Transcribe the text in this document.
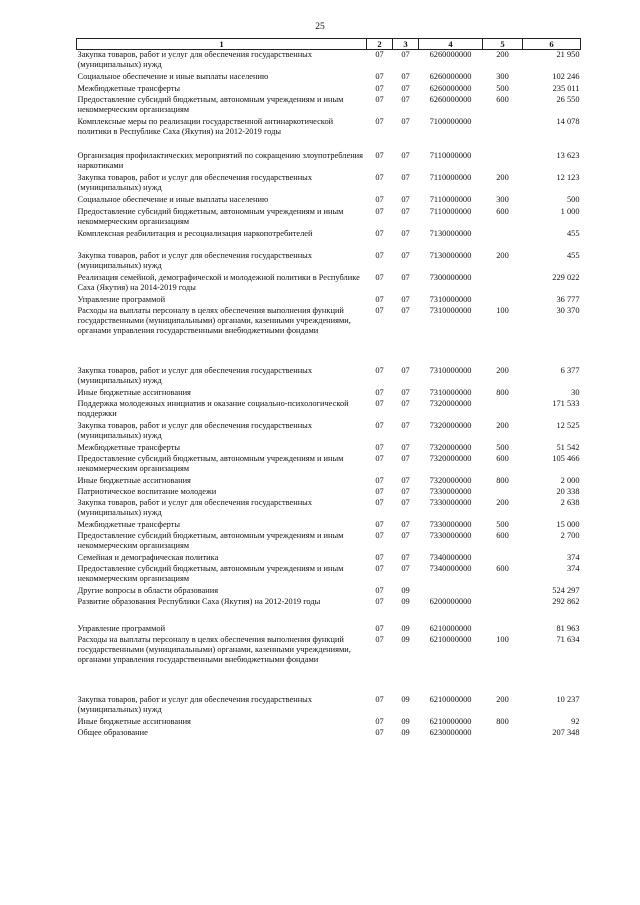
25
1	2	3	4	5	6
Закупка товаров, работ и услуг для обеспечения государственных (муниципальных) нужд	07	07	6260000000	200	21 950
Социальное обеспечение и иные выплаты населению	07	07	6260000000	300	102 246
Межбюджетные трансферты	07	07	6260000000	500	235 011
Предоставление субсидий бюджетным, автономным учреждениям и иным некоммерческим организациям	07	07	6260000000	600	26 550
Комплексные меры по реализации государственной антинаркотической политики в Республике Саха (Якутия) на 2012-2019 годы	07	07	7100000000		14 078
Организация профилактических мероприятий по сокращению злоупотребления наркотиками	07	07	7110000000		13 623
Закупка товаров, работ и услуг для обеспечения государственных (муниципальных) нужд	07	07	7110000000	200	12 123
Социальное обеспечение и иные выплаты населению	07	07	7110000000	300	500
Предоставление субсидий бюджетным, автономным учреждениям и иным некоммерческим организациям	07	07	7110000000	600	1 000
Комплексная реабилитация и ресоциализация наркопотребителей	07	07	7130000000		455
Закупка товаров, работ и услуг для обеспечения государственных (муниципальных) нужд	07	07	7130000000	200	455
Реализация семейной, демографической и молодежной политики в Республике Саха (Якутия) на 2014-2019 годы	07	07	7300000000		229 022
Управление программой	07	07	7310000000		36 777
Расходы на выплаты персоналу в целях обеспечения выполнения функций государственными (муниципальными) органами, казенными учреждениями, органами управления государственными внебюджетными фондами	07	07	7310000000	100	30 370
Закупка товаров, работ и услуг для обеспечения государственных (муниципальных) нужд	07	07	7310000000	200	6 377
Иные бюджетные ассигнования	07	07	7310000000	800	30
Поддержка молодежных инициатив и оказание социально-психологической поддержки	07	07	7320000000		171 533
Закупка товаров, работ и услуг для обеспечения государственных (муниципальных) нужд	07	07	7320000000	200	12 525
Межбюджетные трансферты	07	07	7320000000	500	51 542
Предоставление субсидий бюджетным, автономным учреждениям и иным некоммерческим организациям	07	07	7320000000	600	105 466
Иные бюджетные ассигнования	07	07	7320000000	800	2 000
Патриотическое воспитание молодежи	07	07	7330000000		20 338
Закупка товаров, работ и услуг для обеспечения государственных (муниципальных) нужд	07	07	7330000000	200	2 638
Межбюджетные трансферты	07	07	7330000000	500	15 000
Предоставление субсидий бюджетным, автономным учреждениям и иным некоммерческим организациям	07	07	7330000000	600	2 700
Семейная и демографическая политика	07	07	7340000000		374
Предоставление субсидий бюджетным, автономным учреждениям и иным некоммерческим организациям	07	07	7340000000	600	374
Другие вопросы в области образования	07	09			524 297
Развитие образования Республики Саха (Якутия) на 2012-2019 годы	07	09	6200000000		292 862
Управление программой	07	09	6210000000		81 963
Расходы на выплаты персоналу в целях обеспечения выполнения функций государственными (муниципальными) органами, казенными учреждениями, органами управления государственными внебюджетными фондами	07	09	6210000000	100	71 634
Закупка товаров, работ и услуг для обеспечения государственных (муниципальных) нужд	07	09	6210000000	200	10 237
Иные бюджетные ассигнования	07	09	6210000000	800	92
Общее образование	07	09	6230000000		207 348
